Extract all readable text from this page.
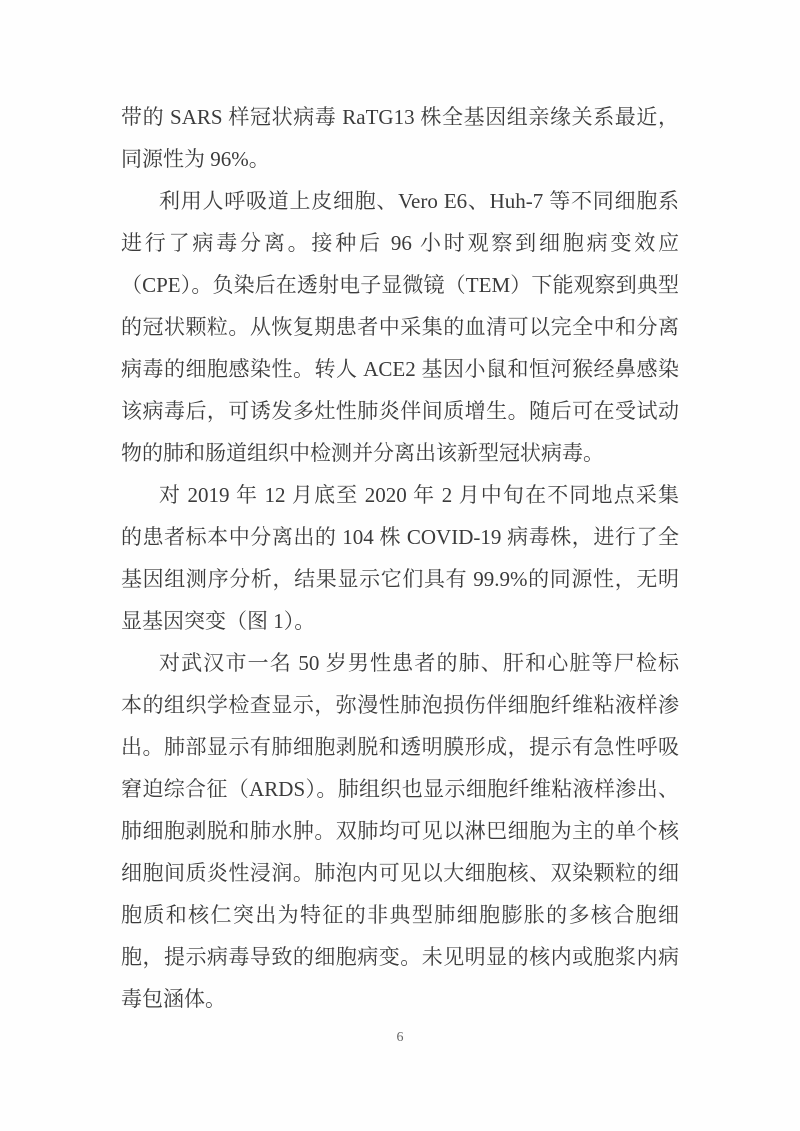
带的 SARS 样冠状病毒 RaTG13 株全基因组亲缘关系最近，
同源性为 96%。
利用人呼吸道上皮细胞、Vero E6、Huh-7 等不同细胞系
进行了病毒分离。接种后 96 小时观察到细胞病变效应
（CPE）。负染后在透射电子显微镜（TEM）下能观察到典型
的冠状颗粒。从恢复期患者中采集的血清可以完全中和分离
病毒的细胞感染性。转人 ACE2 基因小鼠和恒河猴经鼻感染
该病毒后，可诱发多灶性肺炎伴间质增生。随后可在受试动
物的肺和肠道组织中检测并分离出该新型冠状病毒。
对 2019 年 12 月底至 2020 年 2 月中旬在不同地点采集
的患者标本中分离出的 104 株 COVID-19 病毒株，进行了全
基因组测序分析，结果显示它们具有 99.9%的同源性，无明
显基因突变（图 1）。
对武汉市一名 50 岁男性患者的肺、肝和心脏等尸检标
本的组织学检查显示，弥漫性肺泡损伤伴细胞纤维粘液样渗
出。肺部显示有肺细胞剥脱和透明膜形成，提示有急性呼吸
窘迫综合征（ARDS）。肺组织也显示细胞纤维粘液样渗出、
肺细胞剥脱和肺水肿。双肺均可见以淋巴细胞为主的单个核
细胞间质炎性浸润。肺泡内可见以大细胞核、双染颗粒的细
胞质和核仁突出为特征的非典型肺细胞膨胀的多核合胞细
胞，提示病毒导致的细胞病变。未见明显的核内或胞浆内病
毒包涵体。
6
